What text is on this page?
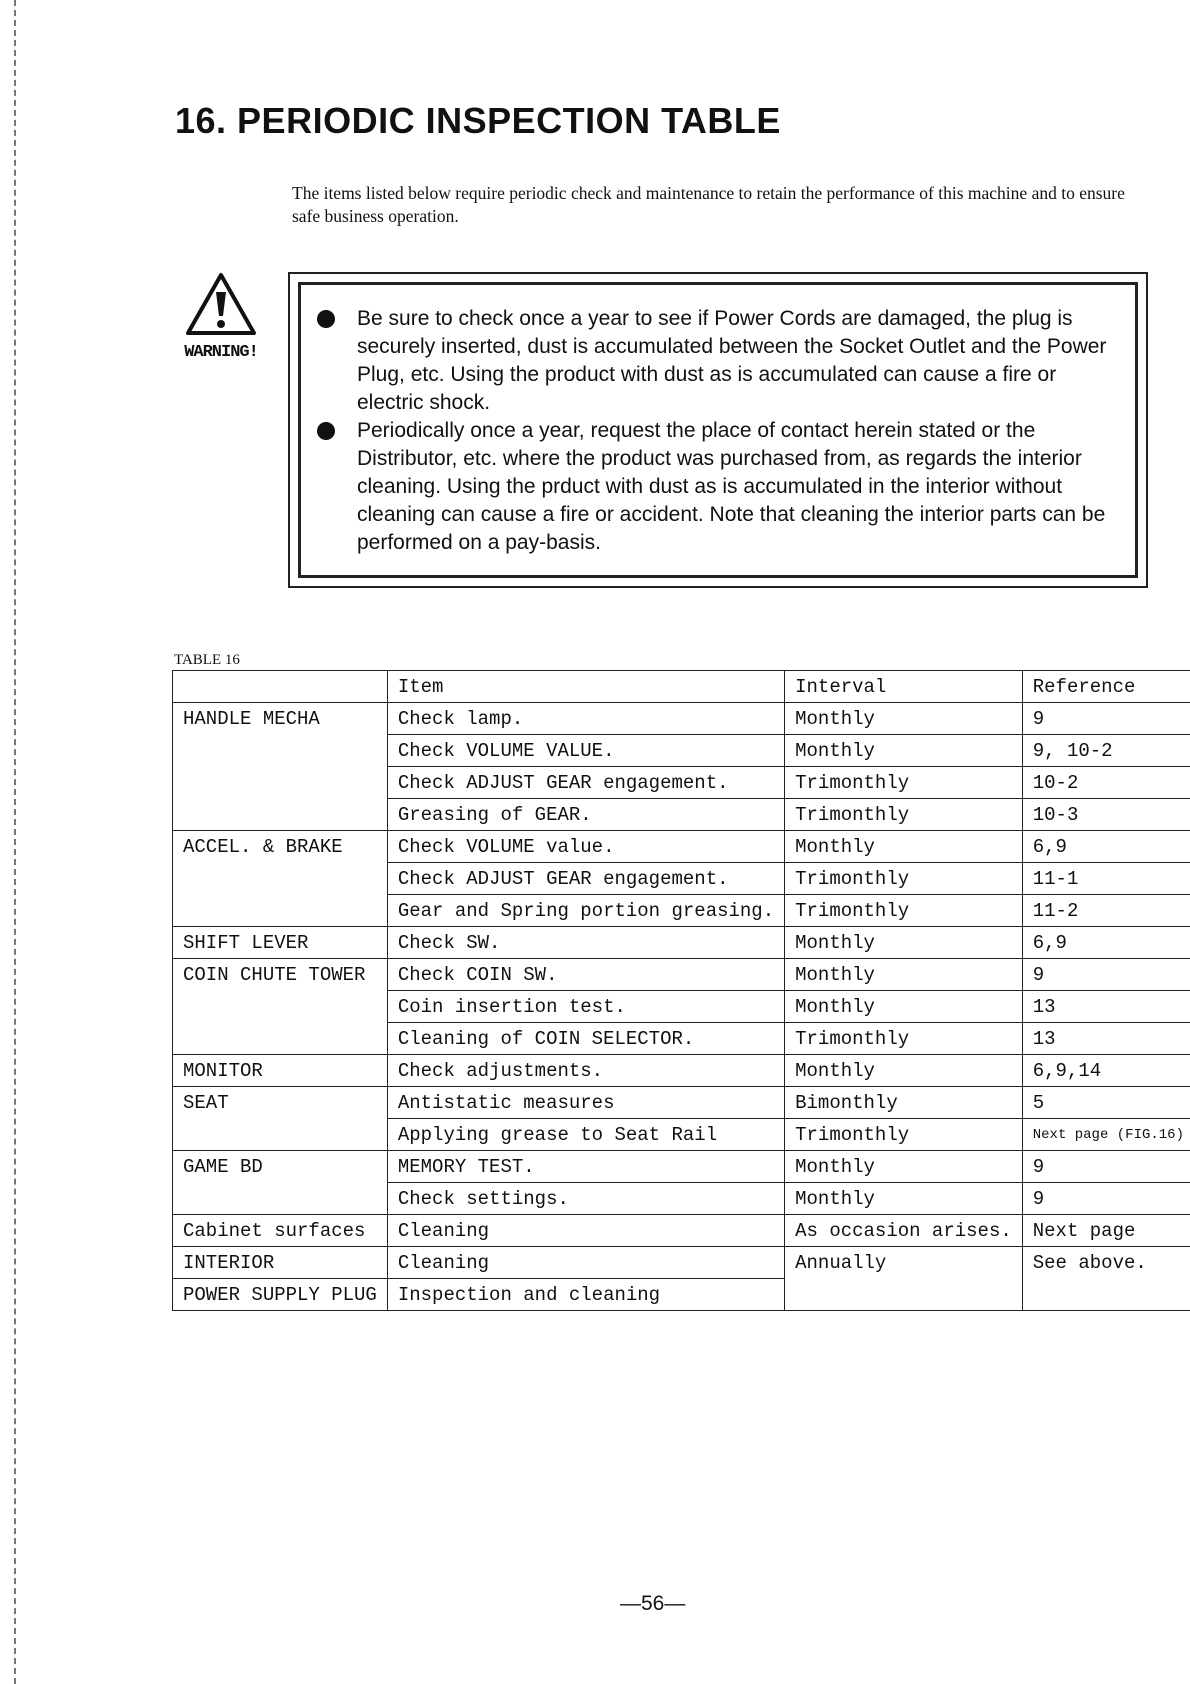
16. PERIODIC INSPECTION TABLE

The items listed below require periodic check and maintenance to retain the performance of this machine and to ensure safe business operation.

WARNING!
Be sure to check once a year to see if Power Cords are damaged, the plug is securely inserted, dust is accumulated between the Socket Outlet and the Power Plug, etc. Using the product with dust as is accumulated can cause a fire or electric shock.
Periodically once a year, request the place of contact herein stated or the Distributor, etc. where the product was purchased from, as regards the interior cleaning. Using the prduct with dust as is accumulated in the interior without cleaning can cause a fire or accident. Note that cleaning the interior parts can be performed on a pay-basis.
TABLE 16
	Item	Interval	Reference
HANDLE MECHA	Check lamp.	Monthly	9
	Check VOLUME VALUE.	Monthly	9, 10-2
	Check ADJUST GEAR engagement.	Trimonthly	10-2
	Greasing of GEAR.	Trimonthly	10-3
ACCEL. & BRAKE	Check VOLUME value.	Monthly	6,9
	Check ADJUST GEAR engagement.	Trimonthly	11-1
	Gear and Spring portion greasing.	Trimonthly	11-2
SHIFT LEVER	Check SW.	Monthly	6,9
COIN CHUTE TOWER	Check COIN SW.	Monthly	9
	Coin insertion test.	Monthly	13
	Cleaning of COIN SELECTOR.	Trimonthly	13
MONITOR	Check adjustments.	Monthly	6,9,14
SEAT	Antistatic measures	Bimonthly	5
	Applying grease to Seat Rail	Trimonthly	Next page (FIG.16)
GAME BD	MEMORY TEST.	Monthly	9
	Check settings.	Monthly	9
Cabinet surfaces	Cleaning	As occasion arises.	Next page
INTERIOR	Cleaning	Annually	See above.
POWER SUPPLY PLUG	Inspection and cleaning		
—56—
